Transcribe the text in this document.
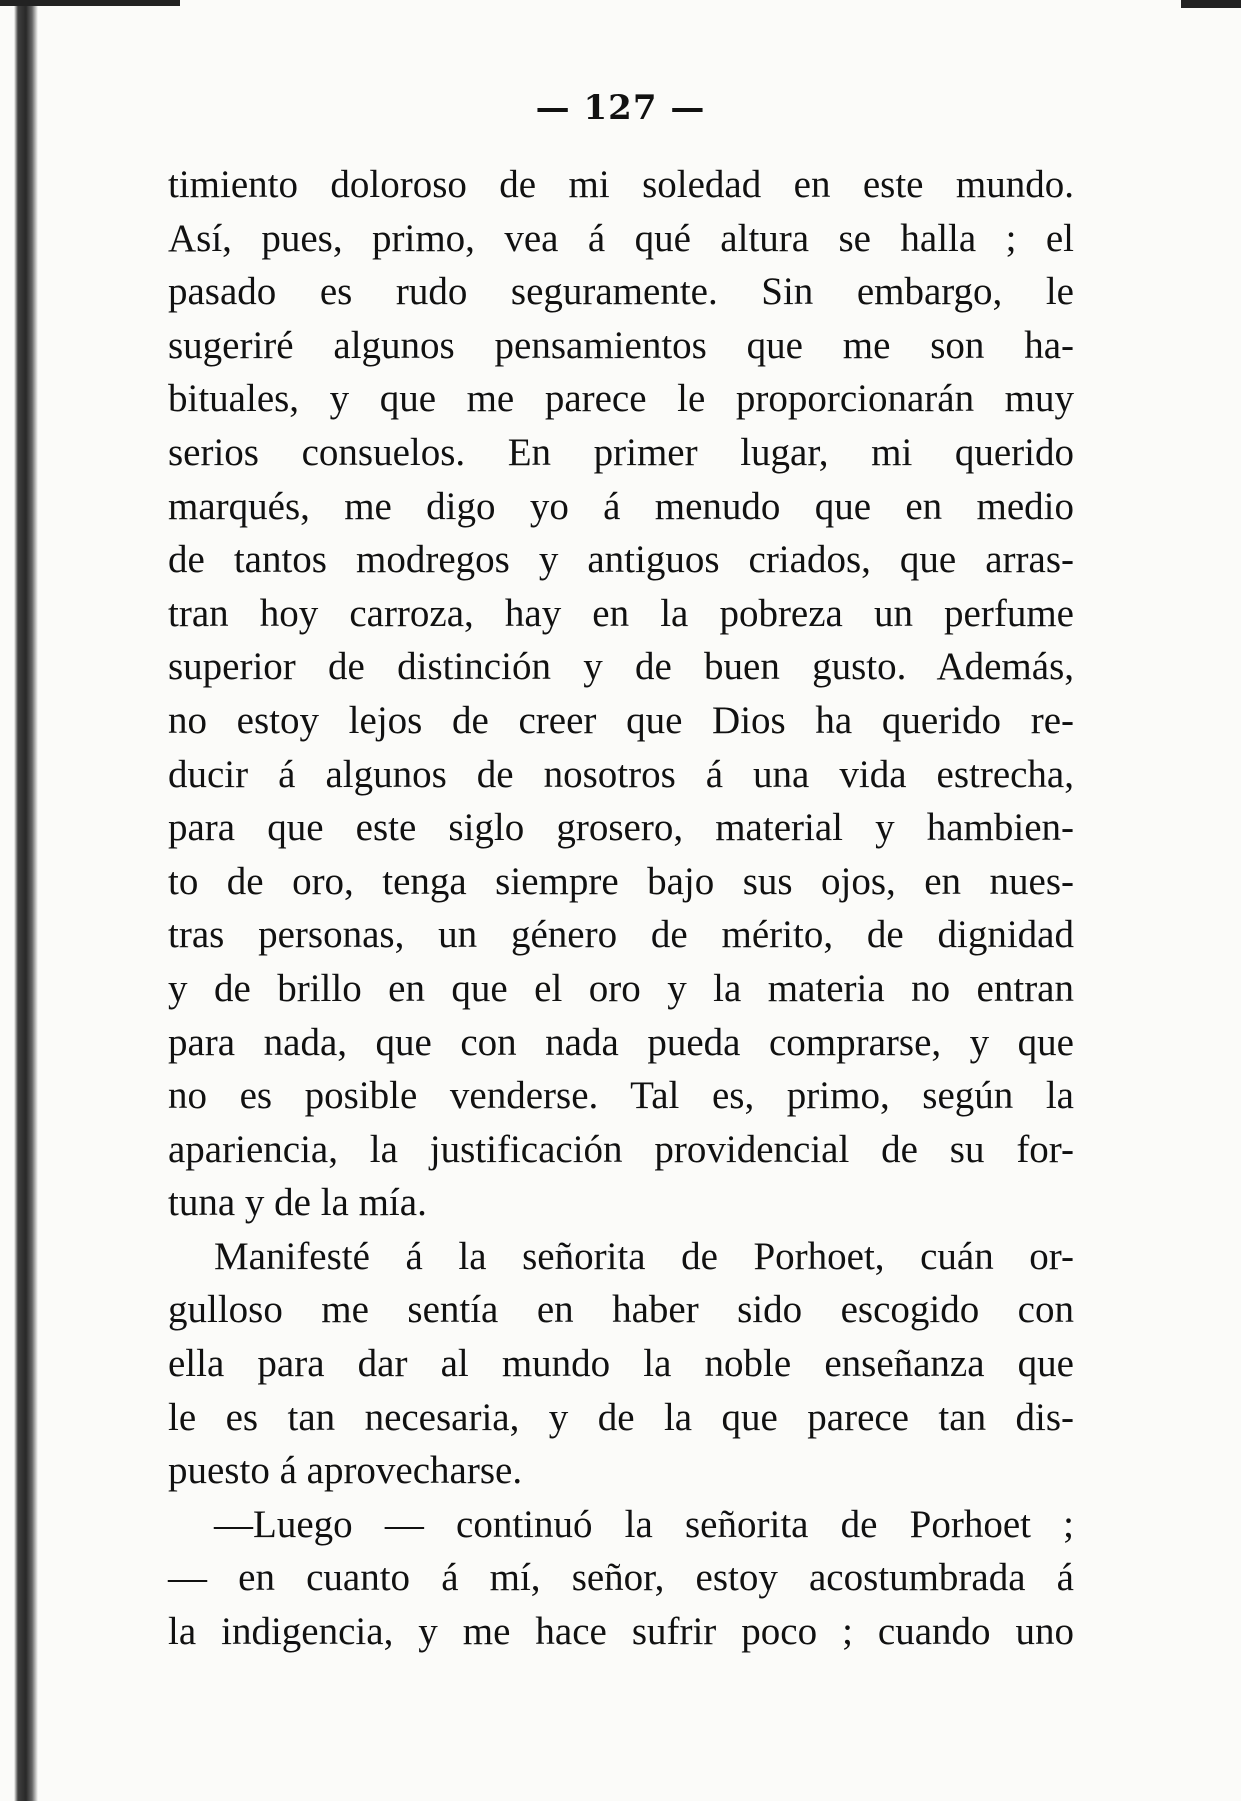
— 127 —
timiento doloroso de mi soledad en este mundo.
Así, pues, primo, vea á qué altura se halla ; el
pasado es rudo seguramente. Sin embargo, le
sugeriré algunos pensamientos que me son ha-
bituales, y que me parece le proporcionarán muy
serios consuelos. En primer lugar, mi querido
marqués, me digo yo á menudo que en medio
de tantos modregos y antiguos criados, que arras-
tran hoy carroza, hay en la pobreza un perfume
superior de distinción y de buen gusto. Además,
no estoy lejos de creer que Dios ha querido re-
ducir á algunos de nosotros á una vida estrecha,
para que este siglo grosero, material y hambien-
to de oro, tenga siempre bajo sus ojos, en nues-
tras personas, un género de mérito, de dignidad
y de brillo en que el oro y la materia no entran
para nada, que con nada pueda comprarse, y que
no es posible venderse. Tal es, primo, según la
apariencia, la justificación providencial de su for-
tuna y de la mía.
Manifesté á la señorita de Porhoet, cuán or-
gulloso me sentía en haber sido escogido con
ella para dar al mundo la noble enseñanza que
le es tan necesaria, y de la que parece tan dis-
puesto á aprovecharse.
—Luego — continuó la señorita de Porhoet ;
— en cuanto á mí, señor, estoy acostumbrada á
la indigencia, y me hace sufrir poco ; cuando uno
